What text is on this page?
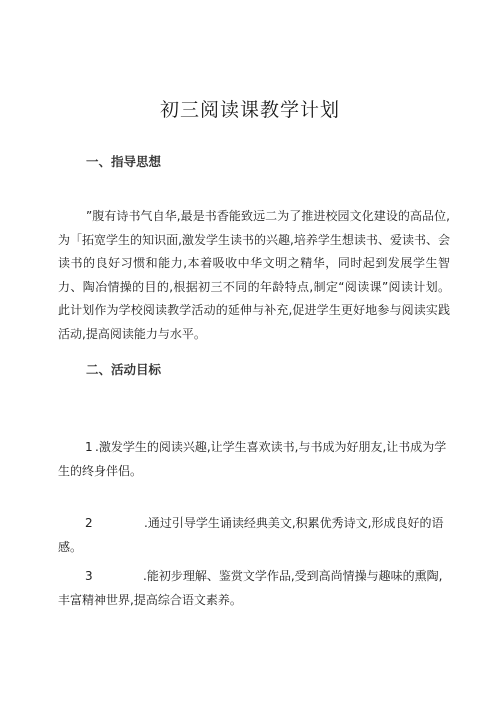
初三阅读课教学计划
一、指导思想

”腹有诗书气自华,最是书香能致远二为了推进校园文化建设的高品位,为「拓宽学生的知识面,激发学生读书的兴趣,培养学生想读书、爱读书、会读书的良好习惯和能力,本着吸收中华文明之精华，同时起到发展学生智力、陶冶情操的目的,根据初三不同的年龄特点,制定“阅读课”阅读计划。此计划作为学校阅读教学活动的延伸与补充,促进学生更好地参与阅读实践活动,提高阅读能力与水平。

二、活动目标

1 .激发学生的阅读兴趣,让学生喜欢读书,与书成为好朋友,让书成为学生的终身伴侣。

2	.通过引导学生诵读经典美文,积累优秀诗文,形成良好的语感。

3	.能初步理解、鉴赏文学作品,受到高尚情操与趣味的熏陶,丰富精神世界,提高综合语文素养。
